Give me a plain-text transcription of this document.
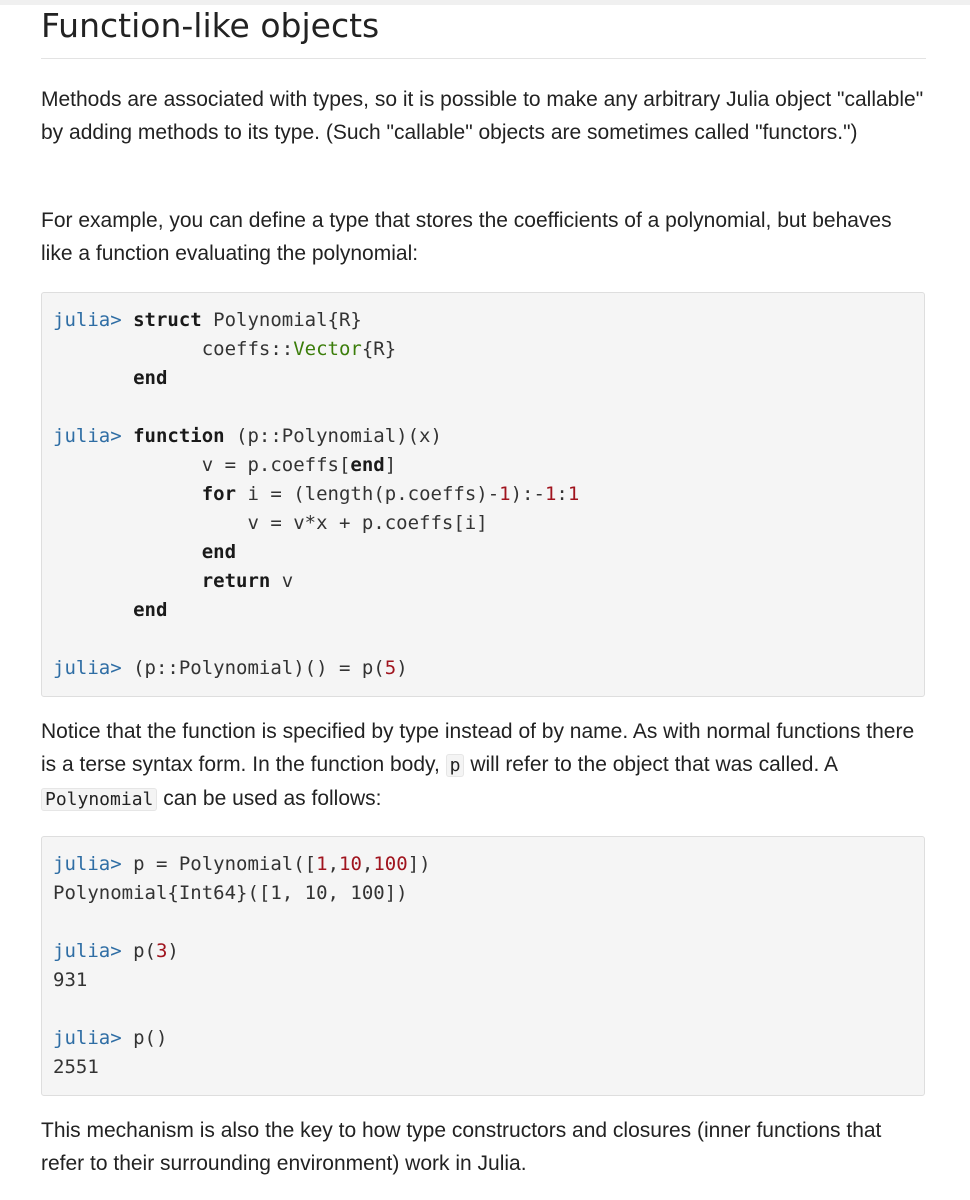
Function-like objects

Methods are associated with types, so it is possible to make any arbitrary Julia object "callable" by adding methods to its type. (Such "callable" objects are sometimes called "functors.")

For example, you can define a type that stores the coefficients of a polynomial, but behaves like a function evaluating the polynomial:

julia> struct Polynomial{R}
coeffs::Vector{R}
end
julia> function (p::Polynomial)(x)
v = p.coeffs[end]
for i = (length(p.coeffs)-1):-1:1
v = v*x + p.coeffs[i]
end
return v
end
julia> (p::Polynomial)() = p(5)

Notice that the function is specified by type instead of by name. As with normal functions there is a terse syntax form. In the function body, p will refer to the object that was called. A Polynomial can be used as follows:

julia> p = Polynomial([1,10,100])
Polynomial{Int64}([1, 10, 100])
julia> p(3)
931
julia> p()
2551

This mechanism is also the key to how type constructors and closures (inner functions that refer to their surrounding environment) work in Julia.
